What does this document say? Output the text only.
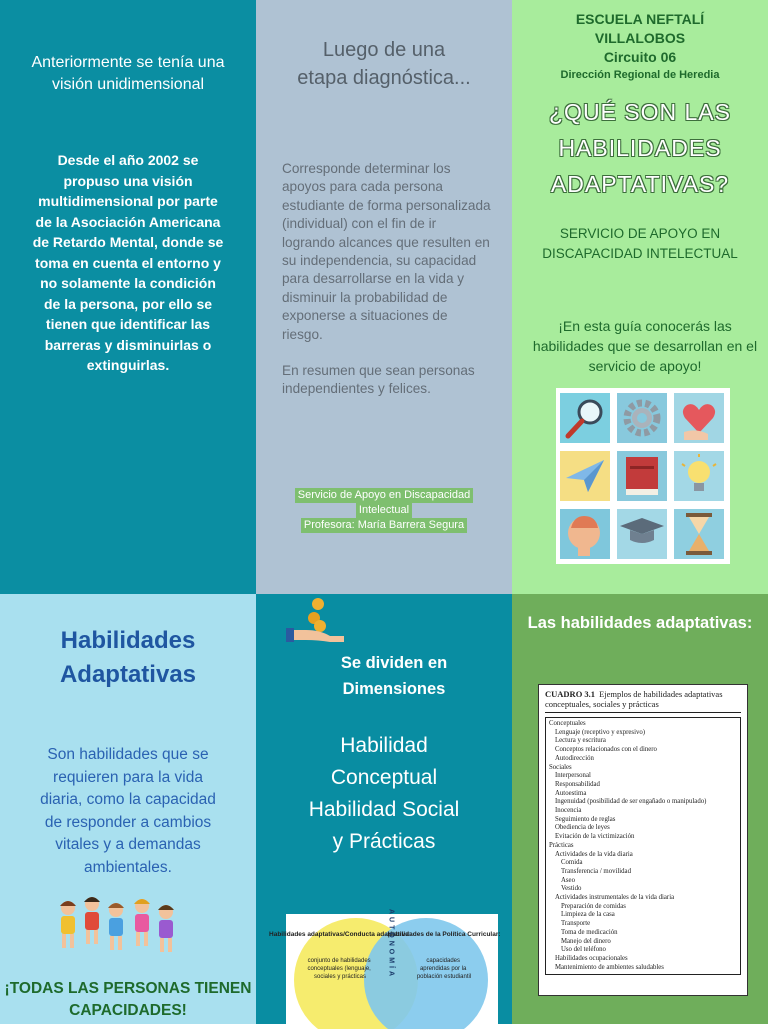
Anteriormente se tenía una visión unidimensional
Desde el año 2002 se propuso una visión multidimensional por parte de la Asociación Americana de Retardo Mental, donde se toma en cuenta el entorno y no solamente la condición de la persona, por ello se tienen que identificar las barreras y disminuirlas o extinguirlas.
Luego de una etapa diagnóstica...

Corresponde determinar los apoyos para cada persona estudiante de forma personalizada (individual) con el fin de ir logrando alcances que resulten en su independencia, su capacidad para desarrollarse en la vida y disminuir la probabilidad de exponerse a situaciones de riesgo.

En resumen que sean personas independientes y felices.

Servicio de Apoyo en Discapacidad
Intelectual
Profesora: María Barrera Segura
ESCUELA NEFTALÍ
VILLALOBOS
Circuito 06
Dirección Regional de Heredia
¿QUÉ SON LAS HABILIDADES ADAPTATIVAS?
SERVICIO DE APOYO EN DISCAPACIDAD INTELECTUAL
¡En esta guía conocerás las habilidades que se desarrollan en el servicio de apoyo!
Habilidades Adaptativas
Son habilidades que se requieren para la vida diaria, como la capacidad de responder a cambios vitales y a demandas ambientales.
¡TODAS LAS PERSONAS TIENEN CAPACIDADES!
Se dividen en
Dimensiones
Habilidad
Conceptual
Habilidad Social
y Prácticas
Habilidades adaptativas/Conducta adaptativa:
conjunto de habilidades conceptuales (lenguaje, sociales y prácticas
Habilidades de la Política Curricular:
capacidades aprendidas por la población estudiantil
AUTONOMÍA
Las habilidades adaptativas:
CUADRO 3.1 Ejemplos de habilidades adaptativas conceptuales, sociales y prácticas
Conceptuales
Lenguaje (receptivo y expresivo)
Lectura y escritura
Conceptos relacionados con el dinero
Autodirección
Sociales
Interpersonal
Responsabilidad
Autoestima
Ingenuidad (posibilidad de ser engañado o manipulado)
Inocencia
Seguimiento de reglas
Obediencia de leyes
Evitación de la victimización
Prácticas
Actividades de la vida diaria
Comida
Transferencia / movilidad
Aseo
Vestido
Actividades instrumentales de la vida diaria
Preparación de comidas
Limpieza de la casa
Transporte
Toma de medicación
Manejo del dinero
Uso del teléfono
Habilidades ocupacionales
Mantenimiento de ambientes saludables
